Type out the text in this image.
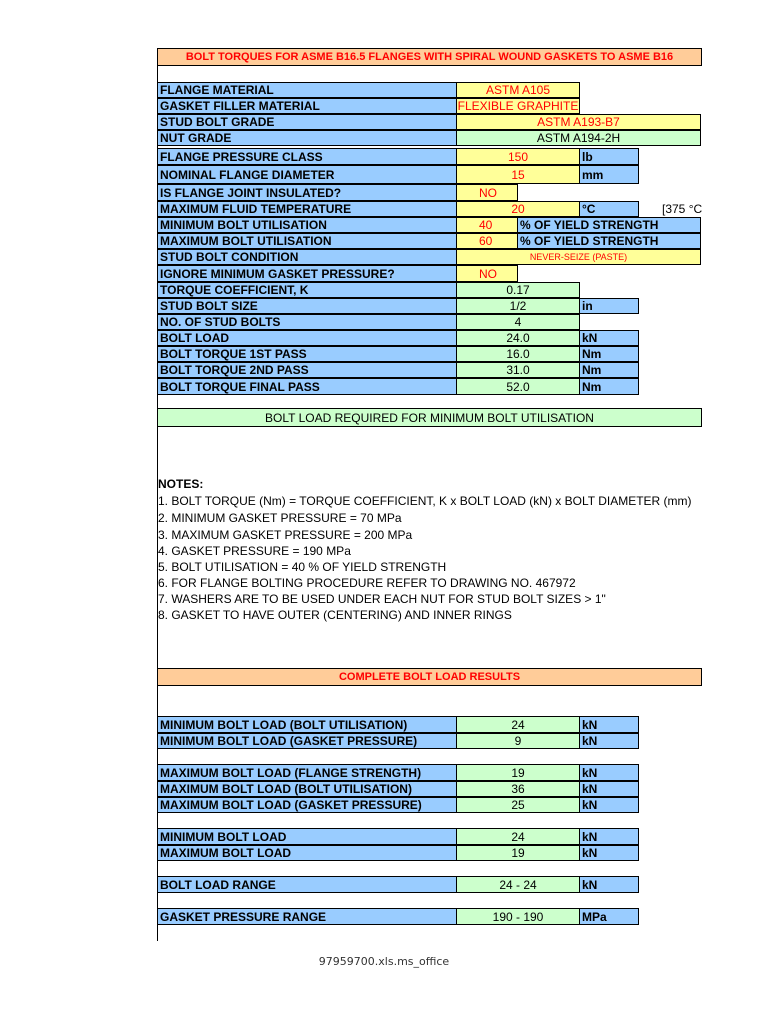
BOLT TORQUES FOR ASME B16.5 FLANGES WITH SPIRAL WOUND GASKETS TO ASME B16
FLANGE MATERIAL	ASTM A105
GASKET FILLER MATERIAL	FLEXIBLE GRAPHITE
STUD BOLT GRADE	ASTM A193-B7
NUT GRADE	ASTM A194-2H
FLANGE PRESSURE CLASS	150	lb
NOMINAL FLANGE DIAMETER	15	mm
IS FLANGE JOINT INSULATED?	NO
MAXIMUM FLUID TEMPERATURE	20	°C	[375 °C
MINIMUM BOLT UTILISATION	40	% OF YIELD STRENGTH
MAXIMUM BOLT UTILISATION	60	% OF YIELD STRENGTH
STUD BOLT CONDITION	NEVER-SEIZE (PASTE)
IGNORE MINIMUM GASKET PRESSURE?	NO
TORQUE COEFFICIENT, K	0.17
STUD BOLT SIZE	1/2	in
NO. OF STUD BOLTS	4
BOLT LOAD	24.0	kN
BOLT TORQUE 1ST PASS	16.0	Nm
BOLT TORQUE 2ND PASS	31.0	Nm
BOLT TORQUE FINAL PASS	52.0	Nm
BOLT LOAD REQUIRED FOR MINIMUM BOLT UTILISATION
NOTES:
1. BOLT TORQUE (Nm) = TORQUE COEFFICIENT, K x BOLT LOAD (kN) x BOLT DIAMETER (mm)
2. MINIMUM GASKET PRESSURE = 70 MPa
3. MAXIMUM GASKET PRESSURE = 200 MPa
4. GASKET PRESSURE = 190 MPa
5. BOLT UTILISATION = 40 % OF YIELD STRENGTH
6. FOR FLANGE BOLTING PROCEDURE REFER TO DRAWING NO. 467972
7. WASHERS ARE TO BE USED UNDER EACH NUT FOR STUD BOLT SIZES > 1"
8. GASKET TO HAVE OUTER (CENTERING) AND INNER RINGS
COMPLETE BOLT LOAD RESULTS
MINIMUM BOLT LOAD (BOLT UTILISATION)	24	kN
MINIMUM BOLT LOAD (GASKET PRESSURE)	9	kN
MAXIMUM BOLT LOAD (FLANGE STRENGTH)	19	kN
MAXIMUM BOLT LOAD (BOLT UTILISATION)	36	kN
MAXIMUM BOLT LOAD (GASKET PRESSURE)	25	kN
MINIMUM BOLT LOAD	24	kN
MAXIMUM BOLT LOAD	19	kN
BOLT LOAD RANGE	24 - 24	kN
GASKET PRESSURE RANGE	190 - 190	MPa
97959700.xls.ms_office
